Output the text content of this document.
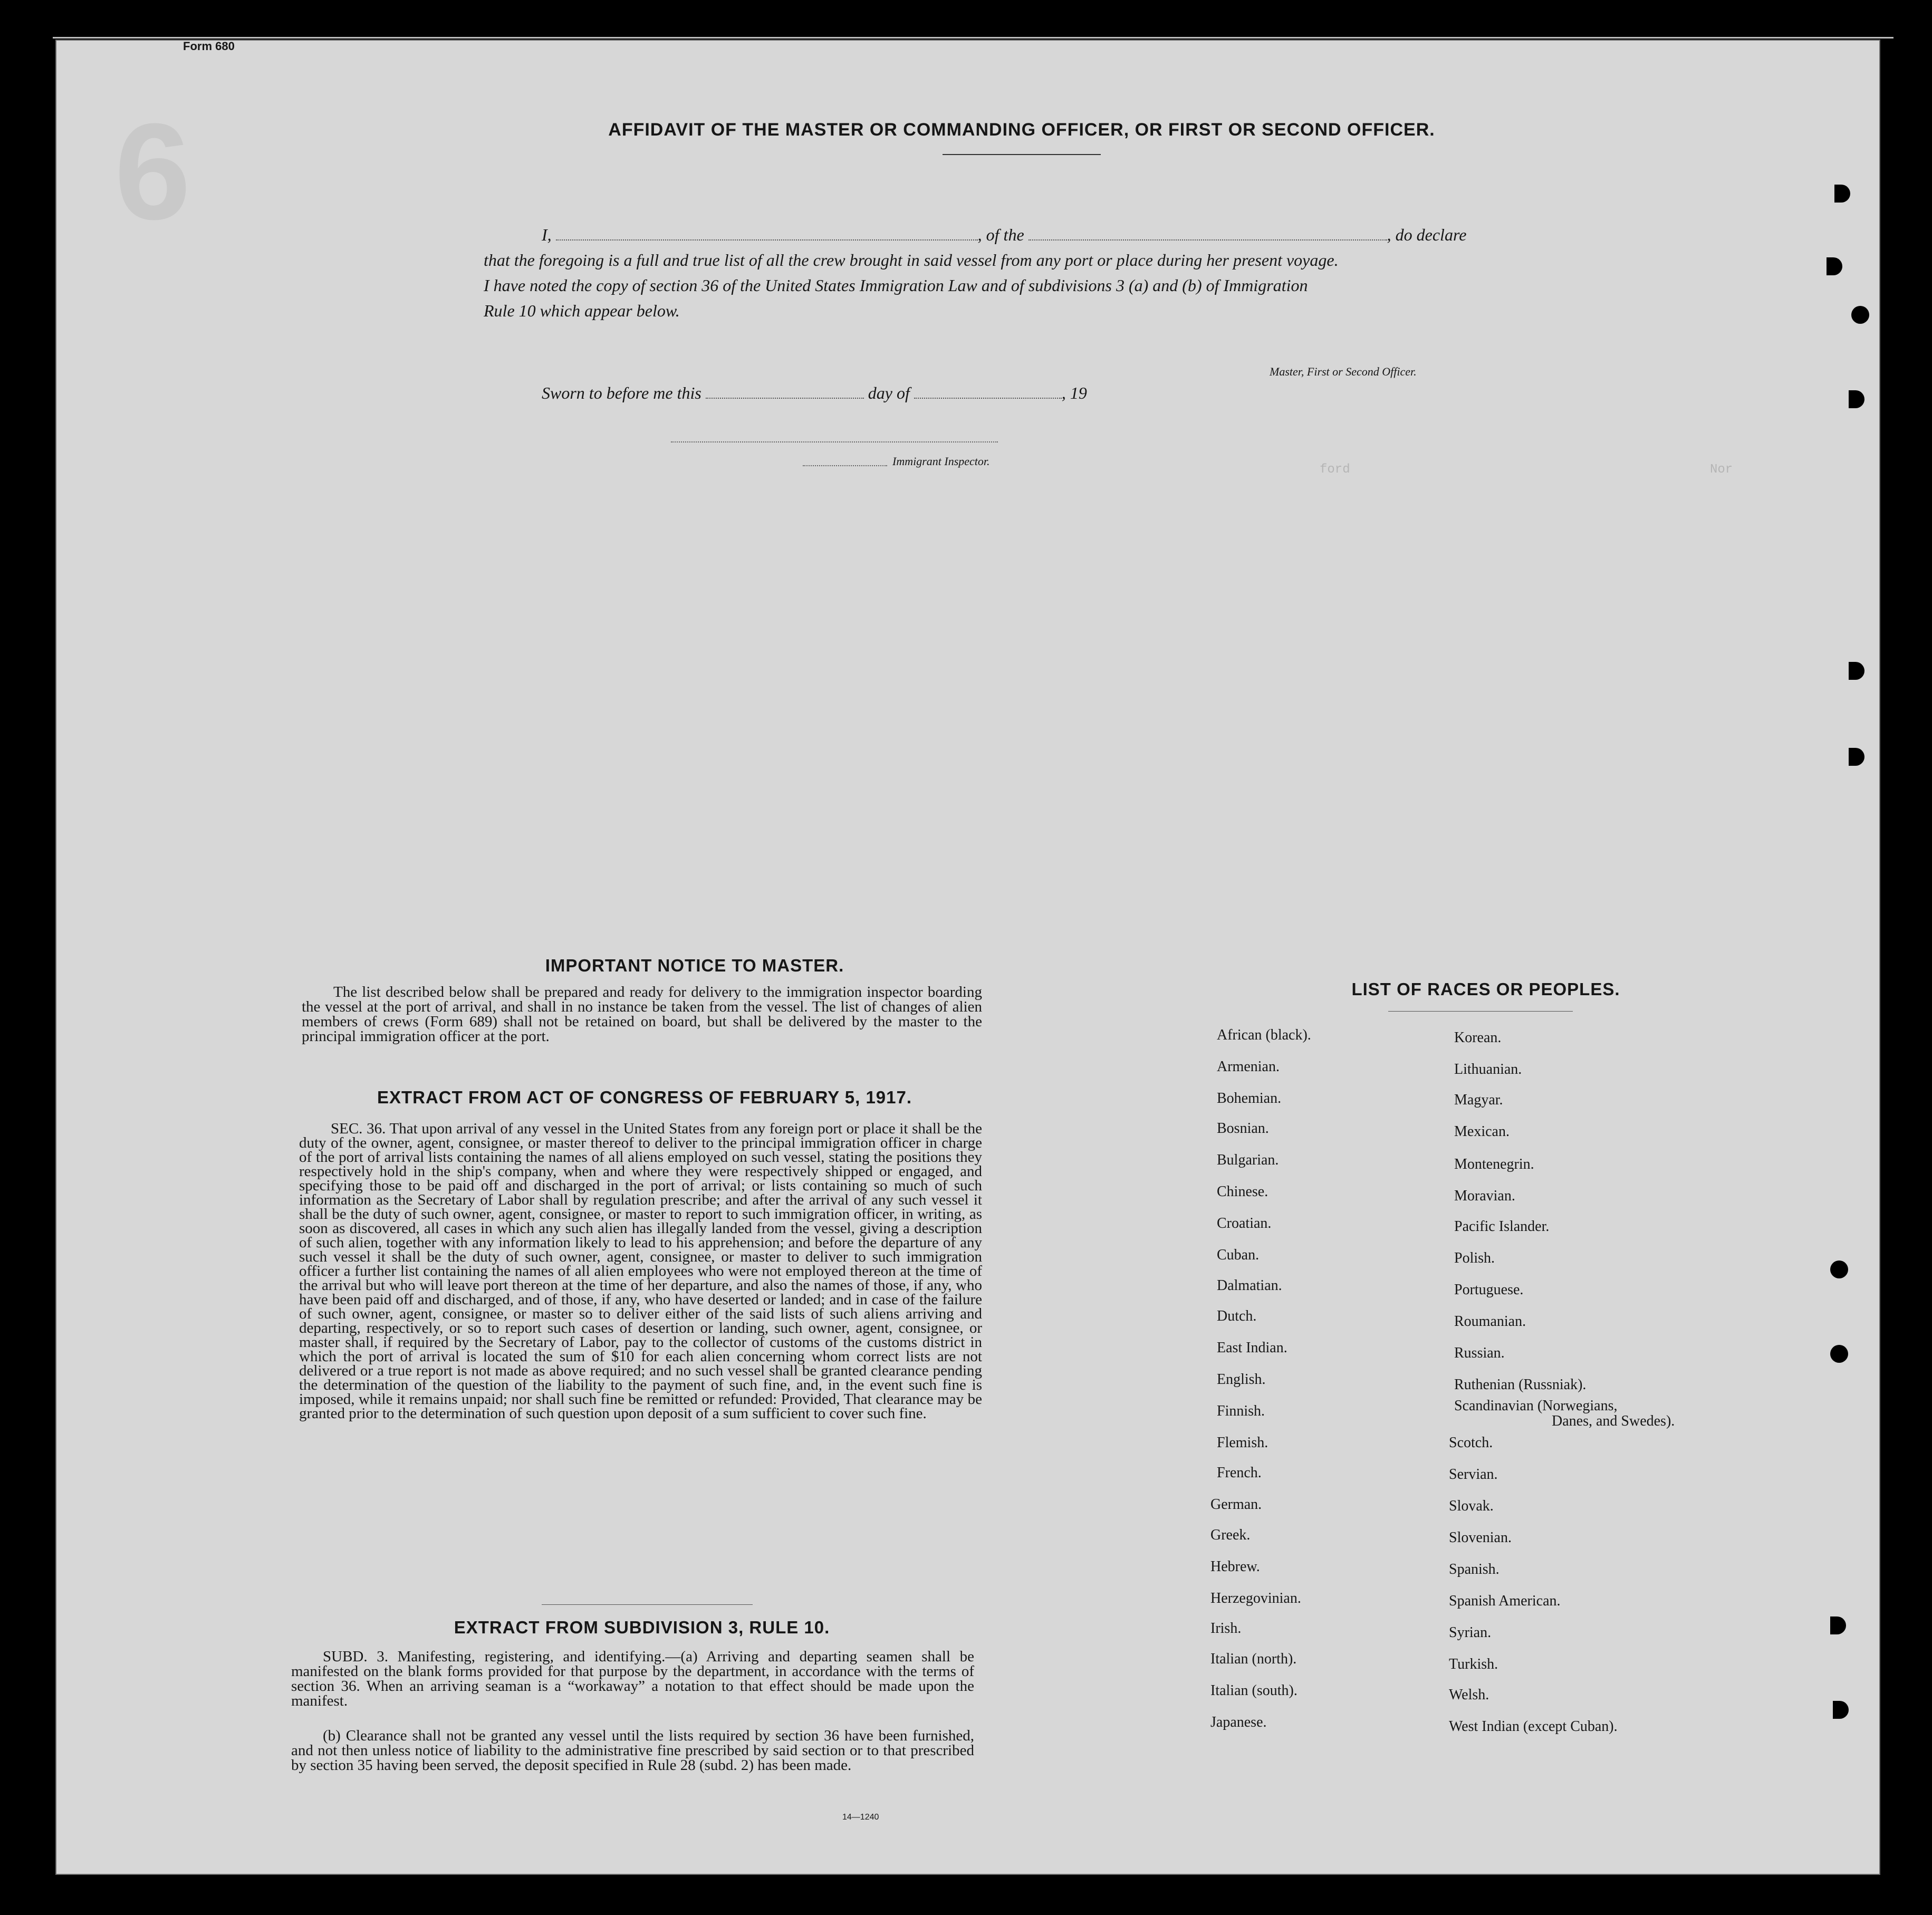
6
Form 680
AFFIDAVIT OF THE MASTER OR COMMANDING OFFICER, OR FIRST OR SECOND OFFICER.
I,	, of the	, do declare
that the foregoing is a full and true list of all the crew brought in said vessel from any port or place during her present voyage.
I have noted the copy of section 36 of the United States Immigration Law and of subdivisions 3 (a) and (b) of Immigration
Rule 10 which appear below.
Master, First or Second Officer.
Sworn to before me this	day of	, 19
Immigrant Inspector.
IMPORTANT NOTICE TO MASTER.
The list described below shall be prepared and ready for delivery to the immigration inspector boarding the vessel at the port of arrival, and shall in no instance be taken from the vessel. The list of changes of alien members of crews (Form 689) shall not be retained on board, but shall be delivered by the master to the principal immigration officer at the port.
EXTRACT FROM ACT OF CONGRESS OF FEBRUARY 5, 1917.
SEC. 36. That upon arrival of any vessel in the United States from any foreign port or place it shall be the duty of the owner, agent, consignee, or master thereof to deliver to the principal immigration officer in charge of the port of arrival lists containing the names of all aliens employed on such vessel, stating the positions they respectively hold in the ship's company, when and where they were respectively shipped or engaged, and specifying those to be paid off and discharged in the port of arrival; or lists containing so much of such information as the Secretary of Labor shall by regulation prescribe; and after the arrival of any such vessel it shall be the duty of such owner, agent, consignee, or master to report to such immigration officer, in writing, as soon as discovered, all cases in which any such alien has illegally landed from the vessel, giving a description of such alien, together with any information likely to lead to his apprehension; and before the departure of any such vessel it shall be the duty of such owner, agent, consignee, or master to deliver to such immigration officer a further list containing the names of all alien employees who were not employed thereon at the time of the arrival but who will leave port thereon at the time of her departure, and also the names of those, if any, who have been paid off and discharged, and of those, if any, who have deserted or landed; and in case of the failure of such owner, agent, consignee, or master so to deliver either of the said lists of such aliens arriving and departing, respectively, or so to report such cases of desertion or landing, such owner, agent, consignee, or master shall, if required by the Secretary of Labor, pay to the collector of customs of the customs district in which the port of arrival is located the sum of $10 for each alien concerning whom correct lists are not delivered or a true report is not made as above required; and no such vessel shall be granted clearance pending the determination of the question of the liability to the payment of such fine, and, in the event such fine is imposed, while it remains unpaid; nor shall such fine be remitted or refunded: Provided, That clearance may be granted prior to the determination of such question upon deposit of a sum sufficient to cover such fine.
EXTRACT FROM SUBDIVISION 3, RULE 10.
SUBD. 3. Manifesting, registering, and identifying.—(a) Arriving and departing seamen shall be manifested on the blank forms provided for that purpose by the department, in accordance with the terms of section 36. When an arriving seaman is a “workaway” a notation to that effect should be made upon the manifest.
(b) Clearance shall not be granted any vessel until the lists required by section 36 have been furnished, and not then unless notice of liability to the administrative fine prescribed by said section or to that prescribed by section 35 having been served, the deposit specified in Rule 28 (subd. 2) has been made.
14—1240
LIST OF RACES OR PEOPLES.
African (black).
Armenian.
Bohemian.
Bosnian.
Bulgarian.
Chinese.
Croatian.
Cuban.
Dalmatian.
Dutch.
East Indian.
English.
Finnish.
Flemish.
French.
German.
Greek.
Hebrew.
Herzegovinian.
Irish.
Italian (north).
Italian (south).
Japanese.
Korean.
Lithuanian.
Magyar.
Mexican.
Montenegrin.
Moravian.
Pacific Islander.
Polish.
Portuguese.
Roumanian.
Russian.
Ruthenian (Russniak).
Scandinavian (Norwegians,
Scotch.
Servian.
Slovak.
Slovenian.
Spanish.
Spanish American.
Syrian.
Turkish.
Welsh.
West Indian (except Cuban).
Danes, and Swedes).
Nor
ford
